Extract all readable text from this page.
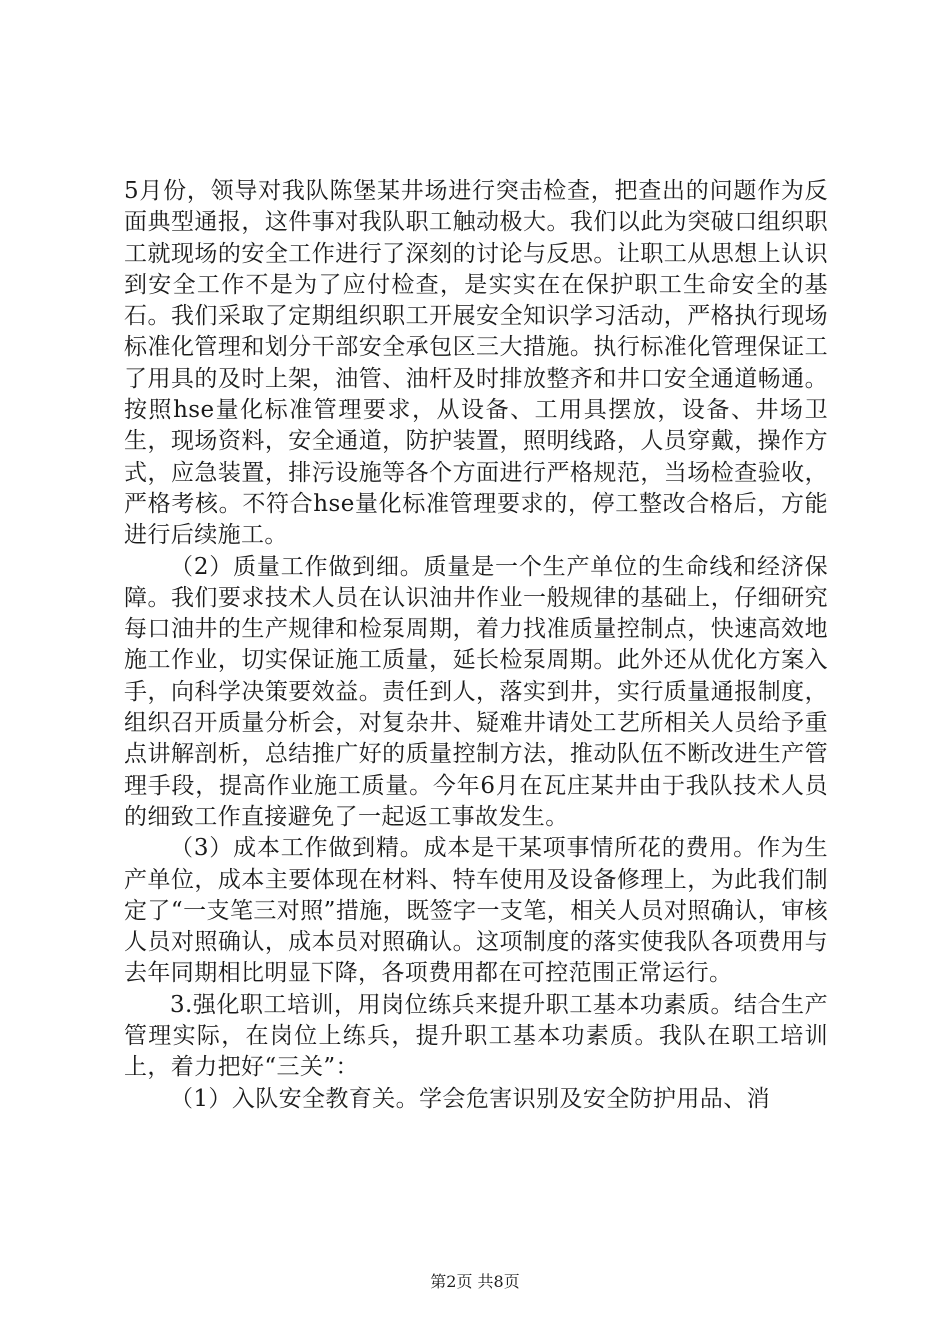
5月份，领导对我队陈堡某井场进行突击检查，把查出的问题作为反面典型通报，这件事对我队职工触动极大。我们以此为突破口组织职工就现场的安全工作进行了深刻的讨论与反思。让职工从思想上认识到安全工作不是为了应付检查，是实实在在保护职工生命安全的基石。我们采取了定期组织职工开展安全知识学习活动，严格执行现场标准化管理和划分干部安全承包区三大措施。执行标准化管理保证工了用具的及时上架，油管、油杆及时排放整齐和井口安全通道畅通。按照hse量化标准管理要求，从设备、工用具摆放，设备、井场卫生，现场资料，安全通道，防护装置，照明线路，人员穿戴，操作方式，应急装置，排污设施等各个方面进行严格规范，当场检查验收，严格考核。不符合hse量化标准管理要求的，停工整改合格后，方能进行后续施工。

（2）质量工作做到细。质量是一个生产单位的生命线和经济保障。我们要求技术人员在认识油井作业一般规律的基础上，仔细研究每口油井的生产规律和检泵周期，着力找准质量控制点，快速高效地施工作业，切实保证施工质量，延长检泵周期。此外还从优化方案入手，向科学决策要效益。责任到人，落实到井，实行质量通报制度，组织召开质量分析会，对复杂井、疑难井请处工艺所相关人员给予重点讲解剖析，总结推广好的质量控制方法，推动队伍不断改进生产管理手段，提高作业施工质量。今年6月在瓦庄某井由于我队技术人员的细致工作直接避免了一起返工事故发生。

（3）成本工作做到精。成本是干某项事情所花的费用。作为生产单位，成本主要体现在材料、特车使用及设备修理上，为此我们制定了“一支笔三对照”措施，既签字一支笔，相关人员对照确认，审核人员对照确认，成本员对照确认。这项制度的落实使我队各项费用与去年同期相比明显下降，各项费用都在可控范围正常运行。

3.强化职工培训，用岗位练兵来提升职工基本功素质。结合生产管理实际，在岗位上练兵，提升职工基本功素质。我队在职工培训上，着力把好“三关”：

（1）入队安全教育关。学会危害识别及安全防护用品、消

第2页 共8页
